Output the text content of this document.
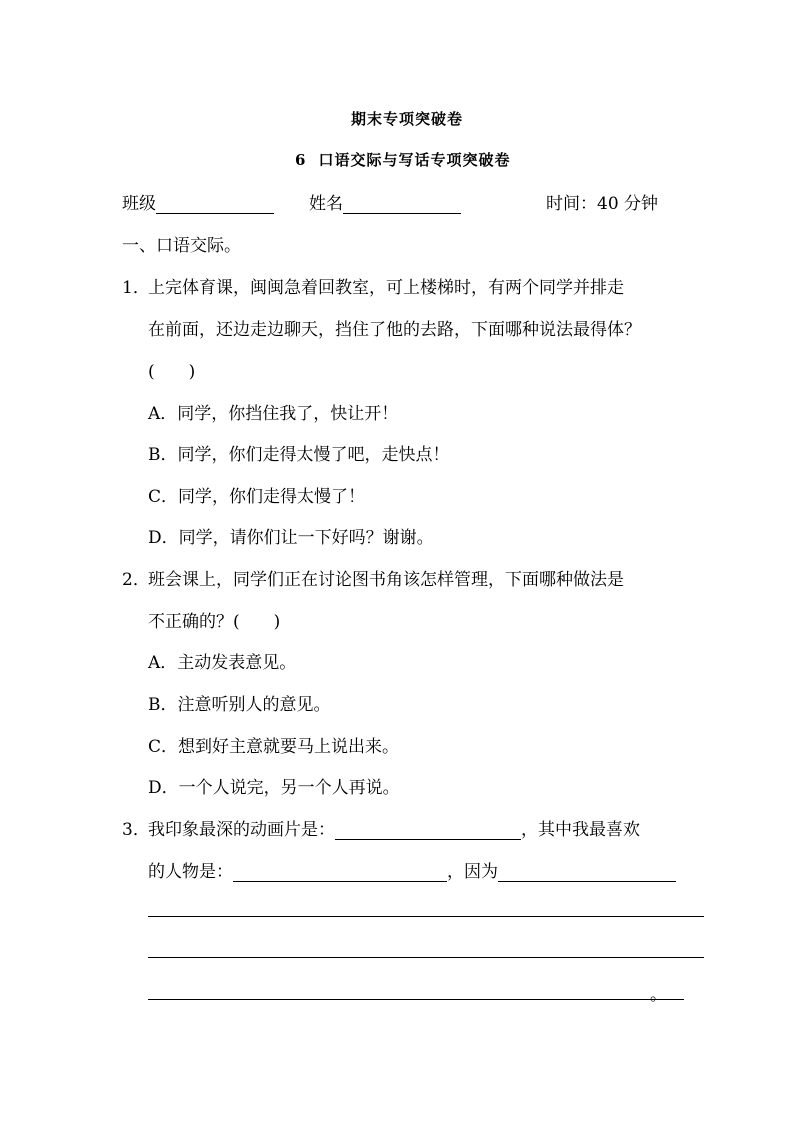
期末专项突破卷
6 口语交际与写话专项突破卷
班级	姓名	时间：40 分钟
一、口语交际。
1．
上完体育课，闽闽急着回教室，可上楼梯时，有两个同学并排走
在前面，还边走边聊天，挡住了他的去路，下面哪种说法最得体？
(　　)
A．同学，你挡住我了，快让开！
B．同学，你们走得太慢了吧，走快点！
C．同学，你们走得太慢了！
D．同学，请你们让一下好吗？谢谢。
2．
班会课上，同学们正在讨论图书角该怎样管理，下面哪种做法是
不正确的？(　　)
A．主动发表意见。
B．注意听别人的意见。
C．想到好主意就要马上说出来。
D．一个人说完，另一个人再说。
3．
我印象最深的动画片是：	，其中我最喜欢
的人物是：	，因为
。
